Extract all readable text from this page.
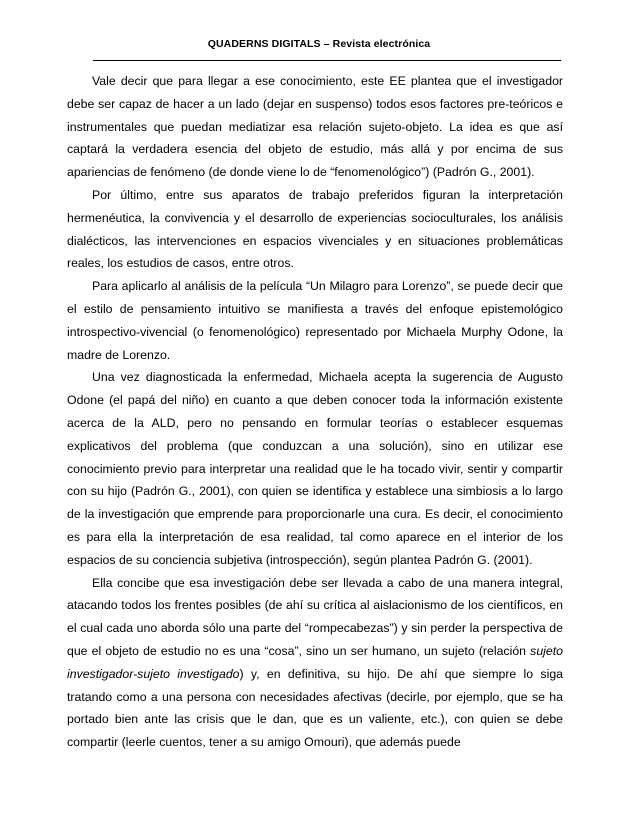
QUADERNS DIGITALS – Revista electrónica

Vale decir que para llegar a ese conocimiento, este EE plantea que el investigador debe ser capaz de hacer a un lado (dejar en suspenso) todos esos factores pre-teóricos e instrumentales que puedan mediatizar esa relación sujeto-objeto. La idea es que así captará la verdadera esencia del objeto de estudio, más allá y por encima de sus apariencias de fenómeno (de donde viene lo de “fenomenológico”) (Padrón G., 2001).

Por último, entre sus aparatos de trabajo preferidos figuran la interpretación hermenéutica, la convivencia y el desarrollo de experiencias socioculturales, los análisis dialécticos, las intervenciones en espacios vivenciales y en situaciones problemáticas reales, los estudios de casos, entre otros.

Para aplicarlo al análisis de la película “Un Milagro para Lorenzo”, se puede decir que el estilo de pensamiento intuitivo se manifiesta a través del enfoque epistemológico introspectivo-vivencial (o fenomenológico) representado por Michaela Murphy Odone, la madre de Lorenzo.

Una vez diagnosticada la enfermedad, Michaela acepta la sugerencia de Augusto Odone (el papá del niño) en cuanto a que deben conocer toda la información existente acerca de la ALD, pero no pensando en formular teorías o establecer esquemas explicativos del problema (que conduzcan a una solución), sino en utilizar ese conocimiento previo para interpretar una realidad que le ha tocado vivir, sentir y compartir con su hijo (Padrón G., 2001), con quien se identifica y establece una simbiosis a lo largo de la investigación que emprende para proporcionarle una cura. Es decir, el conocimiento es para ella la interpretación de esa realidad, tal como aparece en el interior de los espacios de su conciencia subjetiva (introspección), según plantea Padrón G. (2001).

Ella concibe que esa investigación debe ser llevada a cabo de una manera integral, atacando todos los frentes posibles (de ahí su crítica al aislacionismo de los científicos, en el cual cada uno aborda sólo una parte del “rompecabezas”) y sin perder la perspectiva de que el objeto de estudio no es una “cosa”, sino un ser humano, un sujeto (relación sujeto investigador-sujeto investigado) y, en definitiva, su hijo. De ahí que siempre lo siga tratando como a una persona con necesidades afectivas (decirle, por ejemplo, que se ha portado bien ante las crisis que le dan, que es un valiente, etc.), con quien se debe compartir (leerle cuentos, tener a su amigo Omouri), que además puede
